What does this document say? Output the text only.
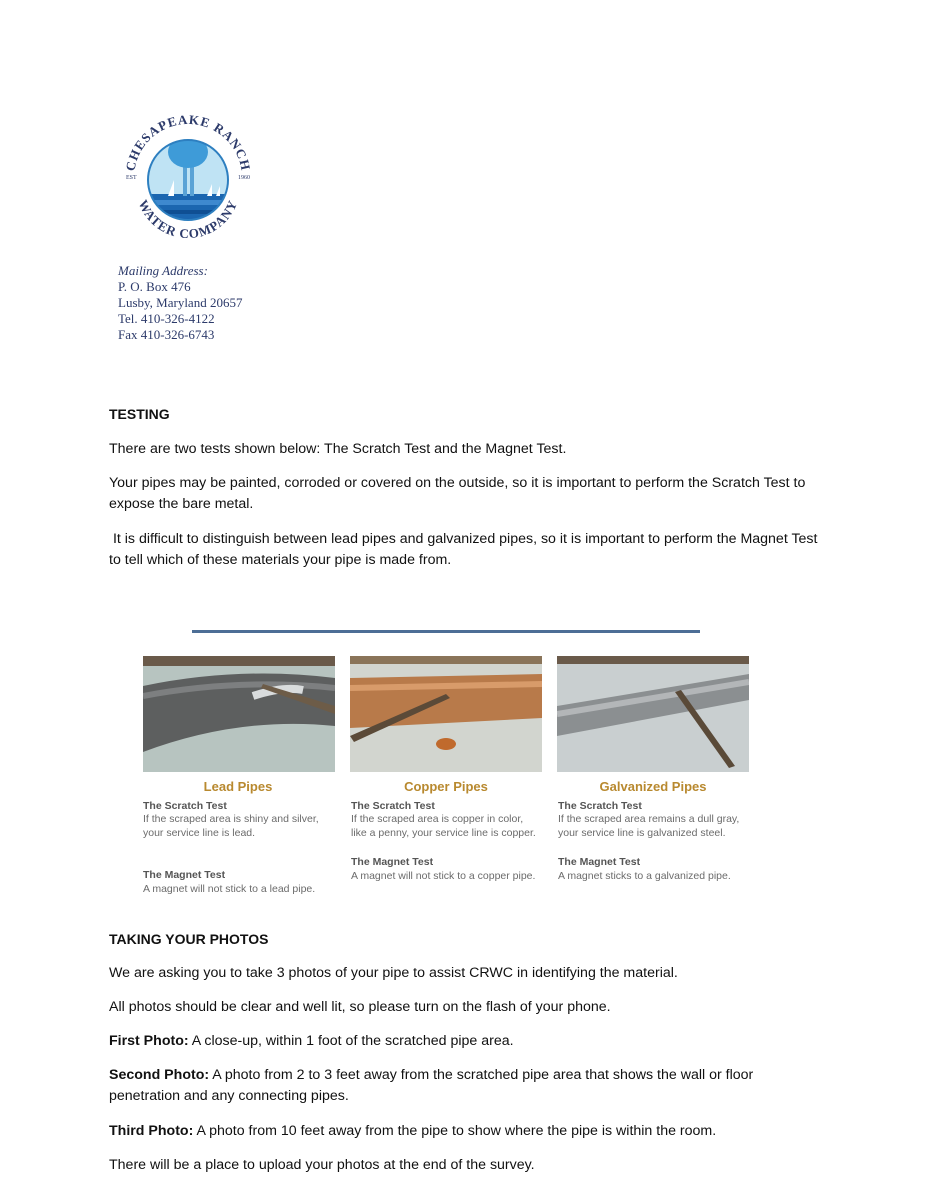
CHESAPEAKE RANCH
WATER COMPANY
EST	1960
Mailing Address:
P. O. Box 476
Lusby, Maryland 20657
Tel. 410-326-4122
Fax 410-326-6743
TESTING
There are two tests shown below: The Scratch Test and the Magnet Test.
Your pipes may be painted, corroded or covered on the outside, so it is important to perform the Scratch Test to expose the bare metal.
It is difficult to distinguish between lead pipes and galvanized pipes, so it is important to perform the Magnet Test to tell which of these materials your pipe is made from.
Lead Pipes
The Scratch Test
If the scraped area is shiny and silver, your service line is lead.
The Magnet Test
A magnet will not stick to a lead pipe.
Copper Pipes
The Scratch Test
If the scraped area is copper in color, like a penny, your service line is copper.
The Magnet Test
A magnet will not stick to a copper pipe.
Galvanized Pipes
The Scratch Test
If the scraped area remains a dull gray, your service line is galvanized steel.
The Magnet Test
A magnet sticks to a galvanized pipe.
TAKING YOUR PHOTOS
We are asking you to take 3 photos of your pipe to assist CRWC in identifying the material.
All photos should be clear and well lit, so please turn on the flash of your phone.
First Photo: A close-up, within 1 foot of the scratched pipe area.
Second Photo: A photo from 2 to 3 feet away from the scratched pipe area that shows the wall or floor penetration and any connecting pipes.
Third Photo: A photo from 10 feet away from the pipe to show where the pipe is within the room.
There will be a place to upload your photos at the end of the survey.
